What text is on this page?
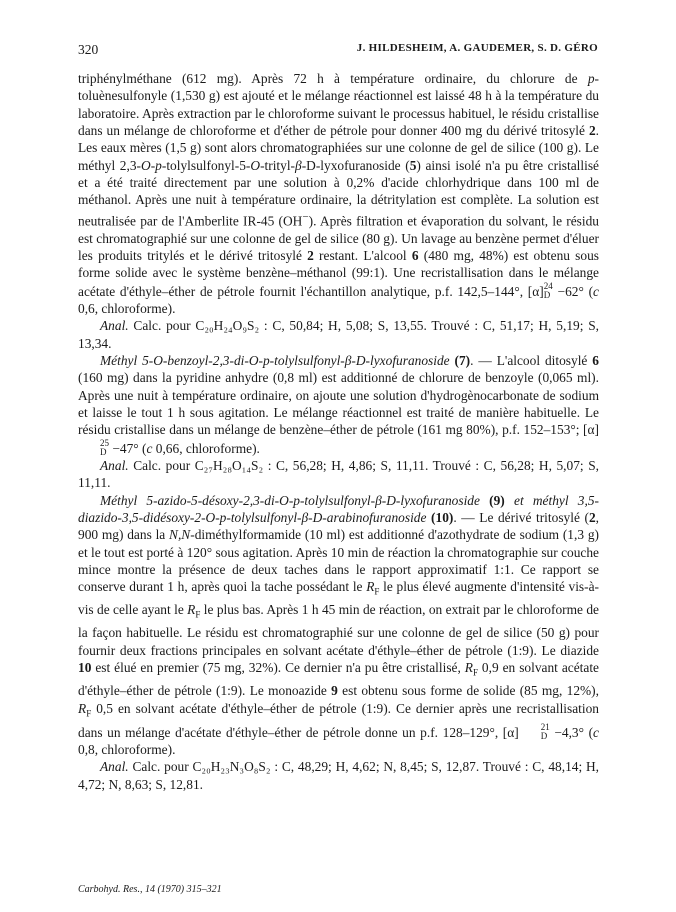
320	J. HILDESHEIM, A. GAUDEMER, S. D. GÉRO

triphénylméthane (612 mg). Après 72 h à température ordinaire, du chlorure de p-toluènesulfonyle (1,530 g) est ajouté et le mélange réactionnel est laissé 48 h à la température du laboratoire. Après extraction par le chloroforme suivant le processus habituel, le résidu cristallise dans un mélange de chloroforme et d'éther de pétrole pour donner 400 mg du dérivé tritosylé 2. Les eaux mères (1,5 g) sont alors chromatographiées sur une colonne de gel de silice (100 g). Le méthyl 2,3-O-p-tolylsulfonyl-5-O-trityl-β-D-lyxofuranoside (5) ainsi isolé n'a pu être cristallisé et a été traité directement par une solution à 0,2% d'acide chlorhydrique dans 100 ml de méthanol. Après une nuit à température ordinaire, la détritylation est complète. La solution est neutralisée par de l'Amberlite IR-45 (OH−). Après filtration et évaporation du solvant, le résidu est chromatographié sur une colonne de gel de silice (80 g). Un lavage au benzène permet d'éluer les produits tritylés et le dérivé tritosylé 2 restant. L'alcool 6 (480 mg, 48%) est obtenu sous forme solide avec le système benzène–méthanol (99:1). Une recristallisation dans le mélange acétate d'éthyle–éther de pétrole fournit l'échantillon analytique, p.f. 142,5–144°, [α] 24
D −62° (c 0,6, chloroforme).

Anal. Calc. pour C₂₀H₂₄O₉S₂ : C, 50,84; H, 5,08; S, 13,55. Trouvé : C, 51,17; H, 5,19; S, 13,34.

Méthyl 5-O-benzoyl-2,3-di-O-p-tolylsulfonyl-β-D-lyxofuranoside (7). — L'alcool ditosylé 6 (160 mg) dans la pyridine anhydre (0,8 ml) est additionné de chlorure de benzoyle (0,065 ml). Après une nuit à température ordinaire, on ajoute une solution d'hydrogènocarbonate de sodium et laisse le tout 1 h sous agitation. Le mélange réactionnel est traité de manière habituelle. Le résidu cristallise dans un mélange de benzène–éther de pétrole (161 mg 80%), p.f. 152–153°; [α]
25
D −47° (c 0,66, chloroforme).

Anal. Calc. pour C₂₇H₂₈O₁₄S₂ : C, 56,28; H, 4,86; S, 11,11. Trouvé : C, 56,28; H, 5,07; S, 11,11.

Méthyl 5-azido-5-désoxy-2,3-di-O-p-tolylsulfonyl-β-D-lyxofuranoside (9) et méthyl 3,5-diazido-3,5-didésoxy-2-O-p-tolylsulfonyl-β-D-arabinofuranoside (10). — Le dérivé tritosylé (2, 900 mg) dans la N,N-diméthylformamide (10 ml) est additionné d'azothydrate de sodium (1,3 g) et le tout est porté à 120° sous agitation. Après 10 min de réaction la chromatographie sur couche mince montre la présence de deux taches dans le rapport approximatif 1:1. Ce rapport se conserve durant 1 h, après quoi la tache possédant le $R_F$ le plus élevé augmente d'intensité vis-à-vis de celle ayant le $R_F$ le plus bas. Après 1 h 45 min de réaction, on extrait par le chloroforme de la façon habituelle. Le résidu est chromatographié sur une colonne de gel de silice (50 g) pour fournir deux fractions principales en solvant acétate d'éthyle–éther de pétrole (1:9). Le diazide 10 est élué en premier (75 mg, 32%). Ce dernier n'a pu être cristallisé, $R_F$ 0,9 en solvant acétate d'éthyle–éther de pétrole (1:9). Le monoazide 9 est obtenu sous forme de solide (85 mg, 12%), $R_F$ 0,5 en solvant acétate d'éthyle–éther de pétrole (1:9). Ce dernier après une recristallisation dans un mélange d'acétate d'éthyle–éther de pétrole donne un p.f. 128–129°, [α]	21
D −4,3° (c 0,8, chloroforme).

Anal. Calc. pour C₂₀H₂₃N₃O₈S₂ : C, 48,29; H, 4,62; N, 8,45; S, 12,87. Trouvé : C, 48,14; H, 4,72; N, 8,63; S, 12,81.

Carbohyd. Res., 14 (1970) 315–321
